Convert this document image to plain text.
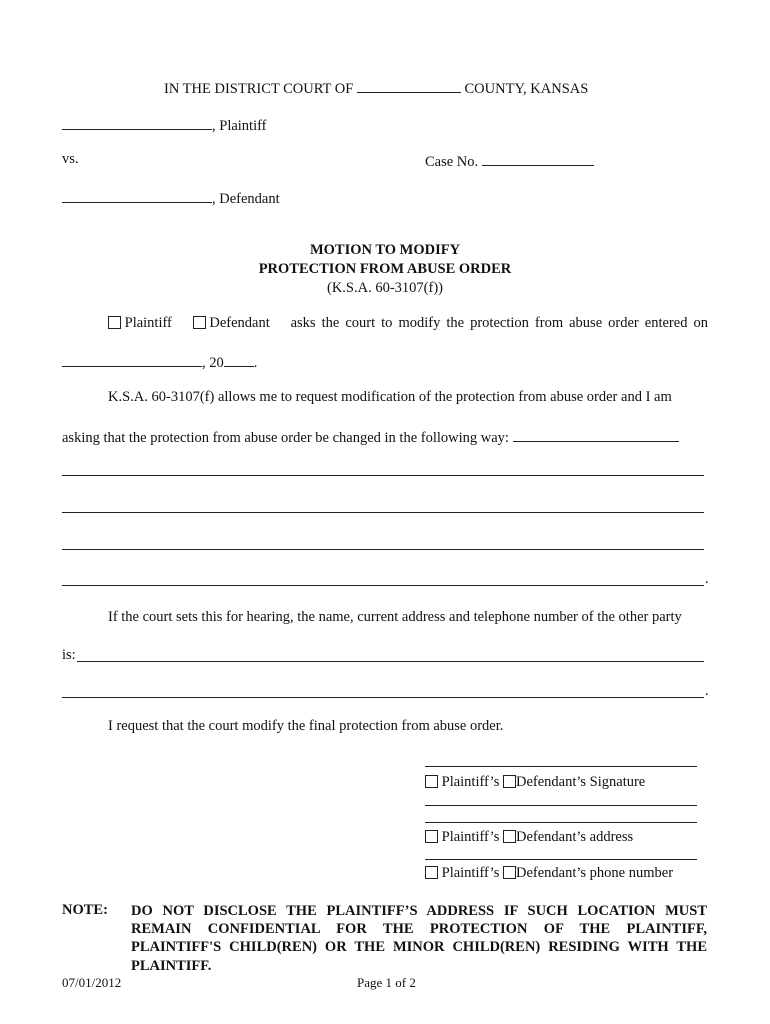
IN THE DISTRICT COURT OF	COUNTY, KANSAS
, Plaintiff
vs.	Case No.
, Defendant
MOTION TO MODIFY
PROTECTION FROM ABUSE ORDER
(K.S.A. 60-3107(f))
Plaintiff	Defendant asks the court to modify the protection from abuse order entered on
, 20 .
K.S.A. 60-3107(f) allows me to request modification of the protection from abuse order and I am
asking that the protection from abuse order be changed in the following way:
.
If the court sets this for hearing, the name, current address and telephone number of the other party
is:
.
I request that the court modify the final protection from abuse order.
Plaintiff’s Defendant’s Signature
Plaintiff’s Defendant’s address
Plaintiff’s Defendant’s phone number
NOTE: DO NOT DISCLOSE THE PLAINTIFF’S ADDRESS IF SUCH LOCATION MUST REMAIN CONFIDENTIAL FOR THE PROTECTION OF THE PLAINTIFF, PLAINTIFF'S CHILD(REN) OR THE MINOR CHILD(REN) RESIDING WITH THE PLAINTIFF.
07/01/2012	Page 1 of 2
